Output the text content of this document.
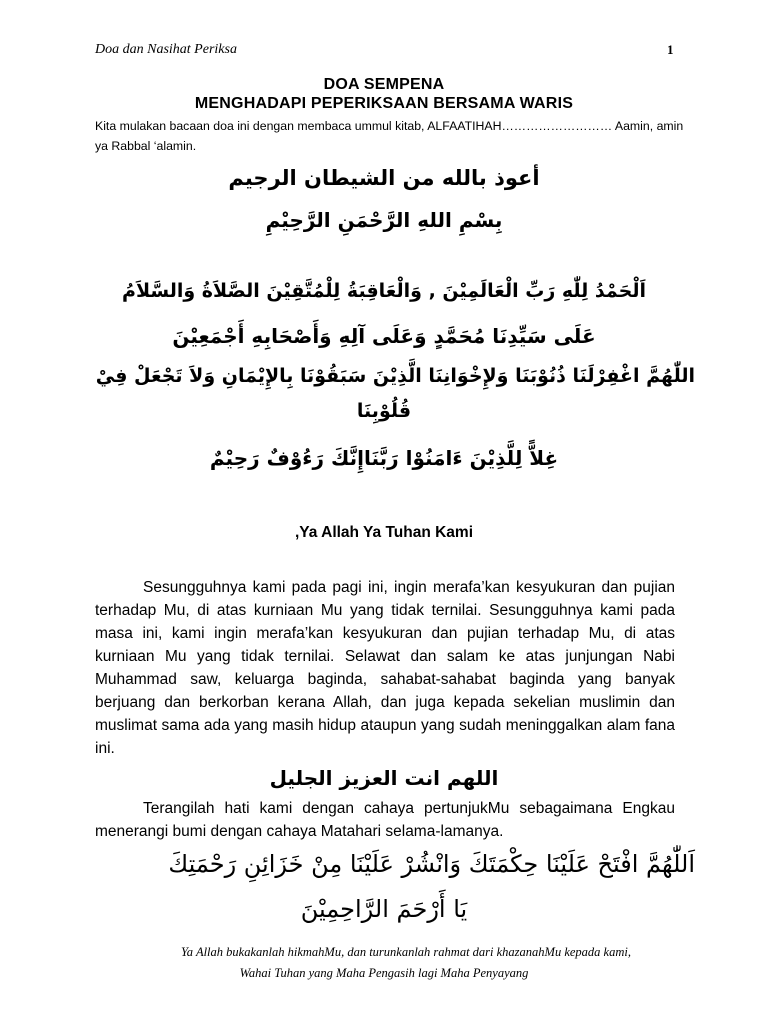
Doa dan Nasihat Periksa	1
DOA SEMPENA
MENGHADAPI PEPERIKSAAN BERSAMA WARIS
Kita mulakan bacaan doa ini dengan membaca ummul kitab, ALFAATIHAH……………………… Aamin, amin ya Rabbal ‘alamin.
أعوذ بالله من الشيطان الرجيم
بِسْمِ اللهِ الرَّحْمَنِ الرَّحِيْمِ
اَلْحَمْدُ لِلّٰهِ رَبِّ الْعَالَمِيْنَ , وَالْعَاقِبَةُ لِلْمُتَّقِيْنَ الصَّلاَةُ وَالسَّلاَمُ
عَلَى سَيِّدِنَا مُحَمَّدٍ وَعَلَى آلِهِ وَأَصْحَابِهِ أَجْمَعِيْنَ
اللّٰهُمَّ اغْفِرْلَنَا ذُنُوْبَنَا وَلإِخْوَانِنَا الَّذِيْنَ سَبَقُوْنَا بِالإِيْمَانِ وَلاَ تَجْعَلْ فِيْ
قُلُوْبِنَا
غِلاًّ لِلَّذِيْنَ ءَامَنُوْا رَبَّنَاإِنَّكَ رَءُوْفٌ رَحِيْمٌ
,Ya Allah Ya Tuhan Kami
Sesungguhnya kami pada pagi ini, ingin merafa’kan kesyukuran dan pujian terhadap Mu, di atas kurniaan Mu yang tidak ternilai. Sesungguhnya kami pada masa ini, kami ingin merafa’kan kesyukuran dan pujian terhadap Mu, di atas kurniaan Mu yang tidak ternilai. Selawat dan salam ke atas junjungan Nabi Muhammad saw, keluarga baginda, sahabat-sahabat baginda yang banyak berjuang dan berkorban kerana Allah, dan juga kepada sekelian muslimin dan muslimat sama ada yang masih hidup ataupun yang sudah meninggalkan alam fana ini.
اللهم انت العزيز الجليل
Terangilah hati kami dengan cahaya pertunjukMu sebagaimana Engkau menerangi bumi dengan cahaya Matahari selama-lamanya.
اَللّٰهُمَّ افْتَحْ عَلَيْنَا حِكْمَتَكَ وَانْشُرْ عَلَيْنَا مِنْ خَزَائِنِ رَحْمَتِكَ
يَا أَرْحَمَ الرَّاحِمِيْنَ
Ya Allah bukakanlah hikmahMu, dan turunkanlah rahmat dari khazanahMu kepada kami,
Wahai Tuhan yang Maha Pengasih lagi Maha Penyayang
